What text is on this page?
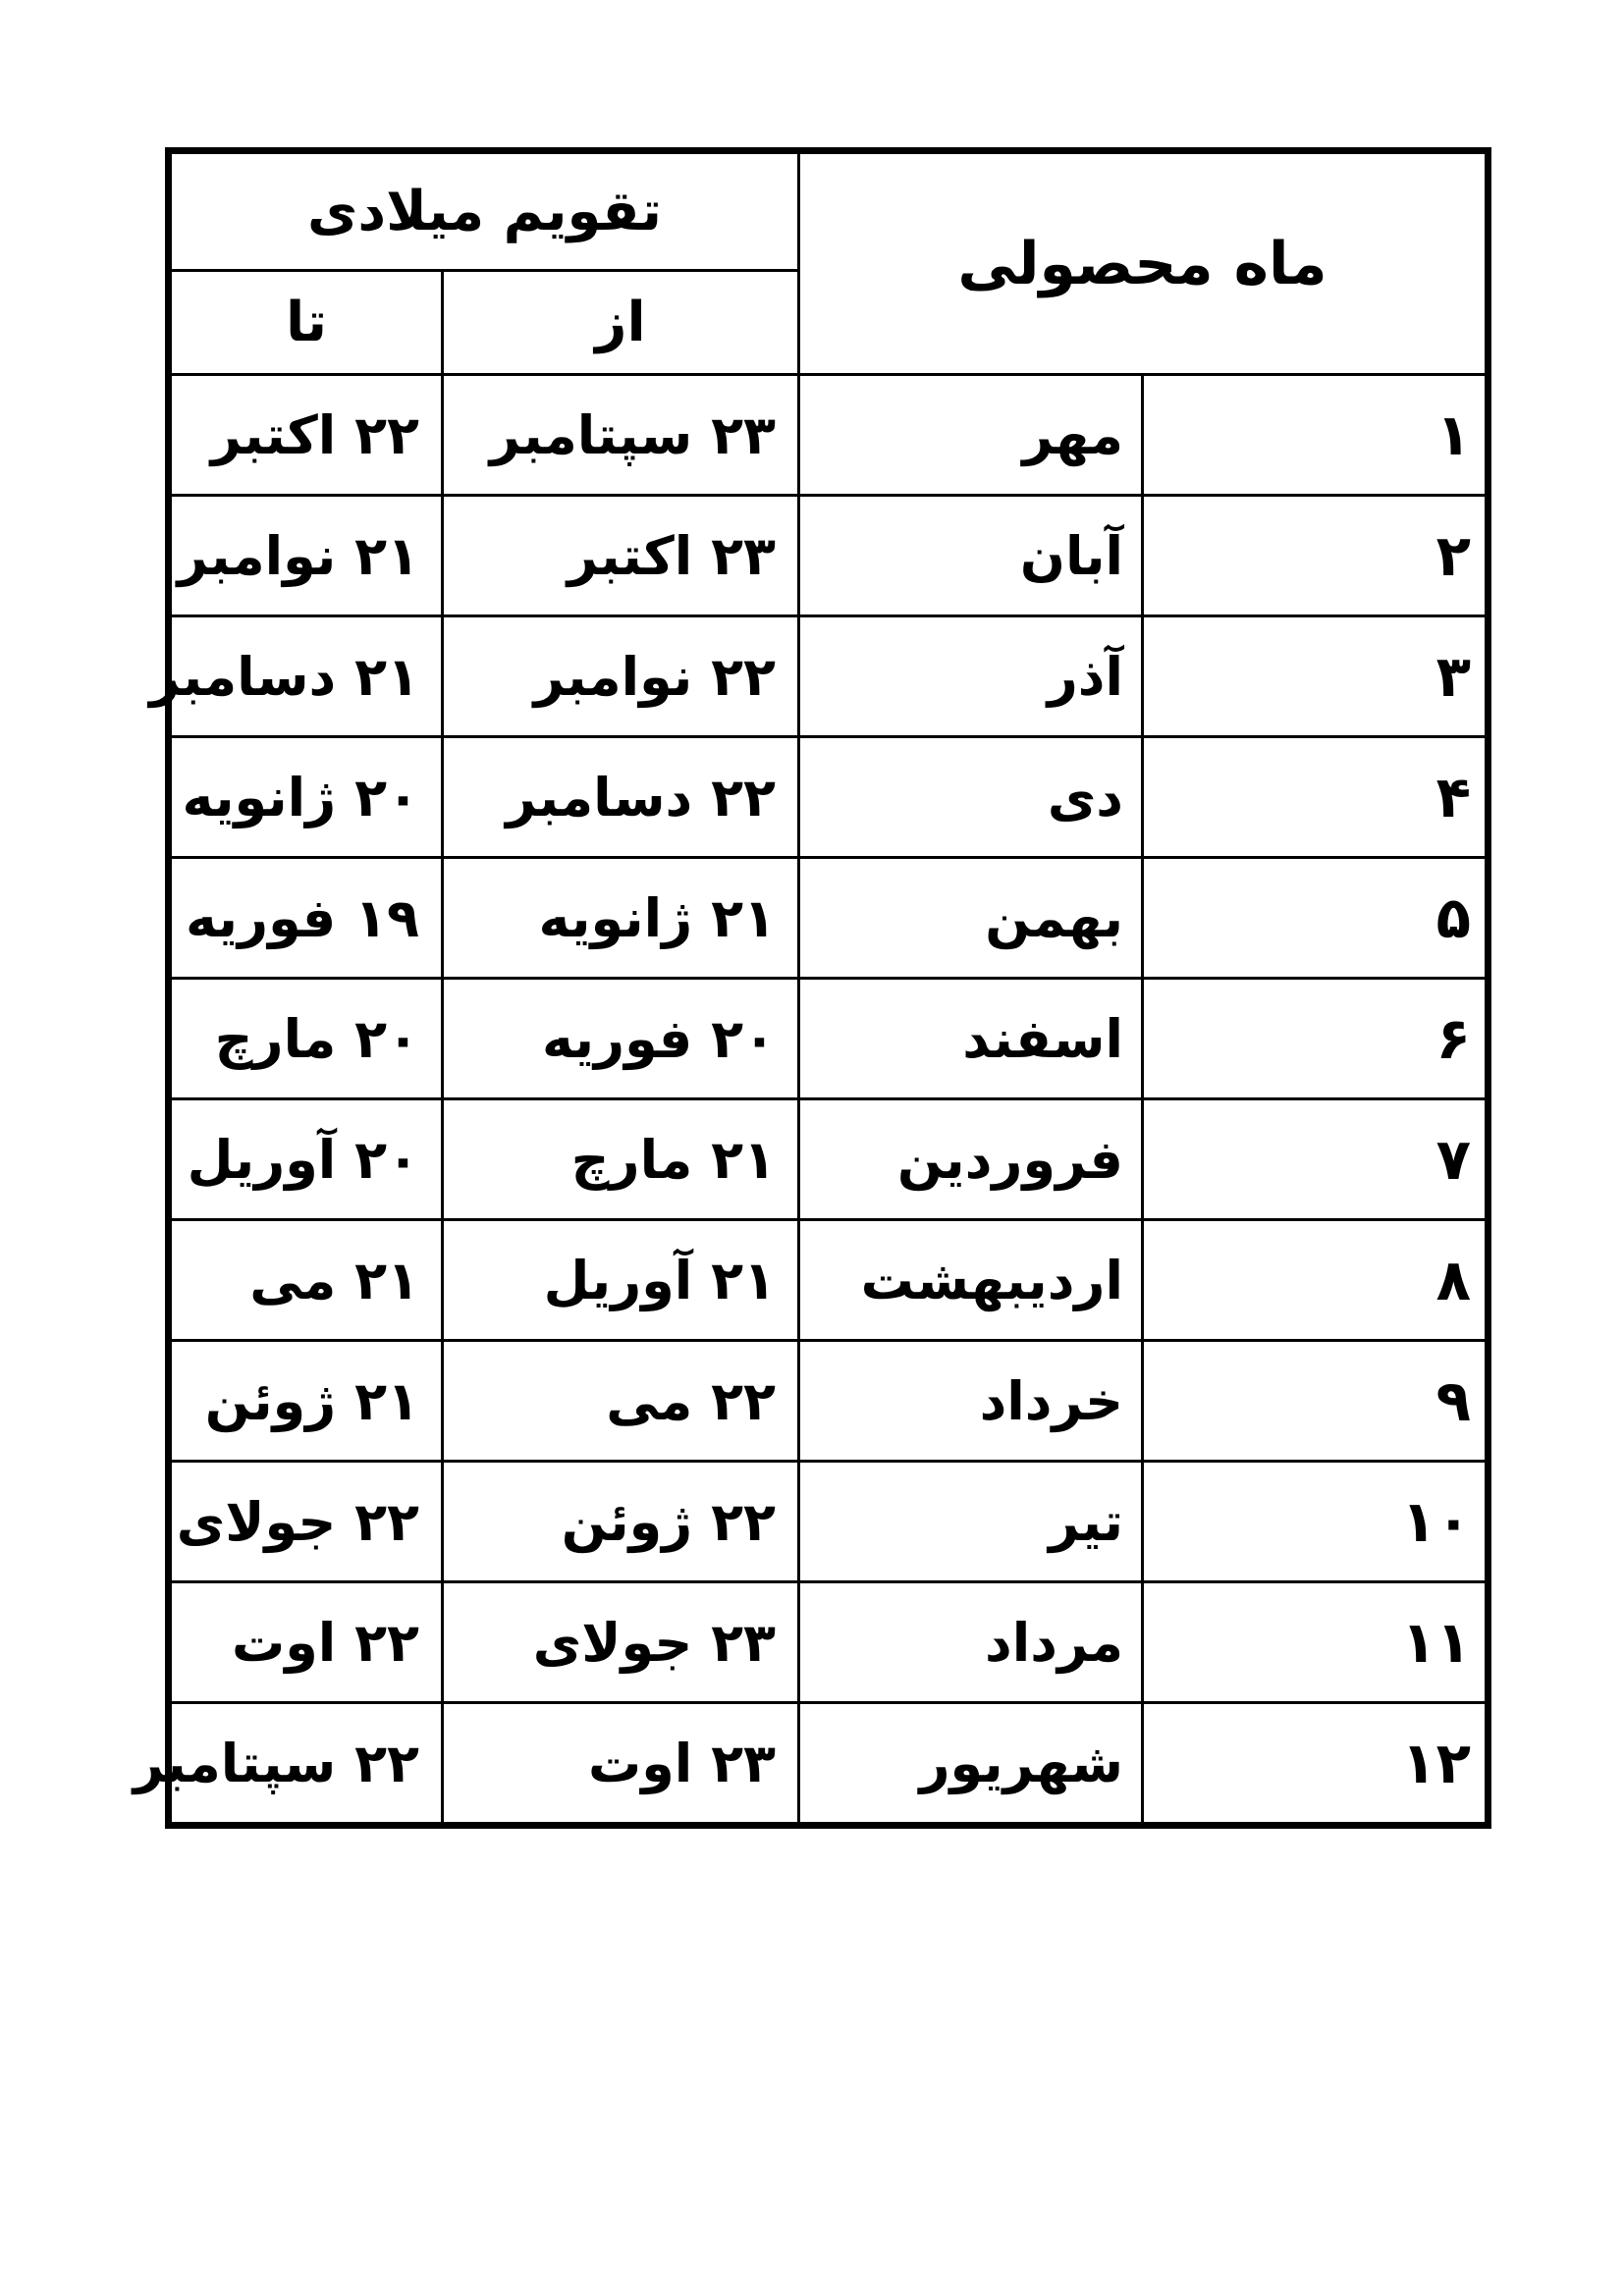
ماه محصولی		تقویم میلادی	
		از	تا
۱	مهر	۲۳ سپتامبر	۲۲ اکتبر
۲	آبان	۲۳ اکتبر	۲۱ نوامبر
۳	آذر	۲۲ نوامبر	۲۱ دسامبر
۴	دی	۲۲ دسامبر	۲۰ ژانویه
۵	بهمن	۲۱ ژانویه	۱۹ فوریه
۶	اسفند	۲۰ فوریه	۲۰ مارچ
۷	فروردین	۲۱ مارچ	۲۰ آوریل
۸	اردیبهشت	۲۱ آوریل	۲۱ می
۹	خرداد	۲۲ می	۲۱ ژوئن
۱۰	تیر	۲۲ ژوئن	۲۲ جولای
۱۱	مرداد	۲۳ جولای	۲۲ اوت
۱۲	شهریور	۲۳ اوت	۲۲ سپتامبر
